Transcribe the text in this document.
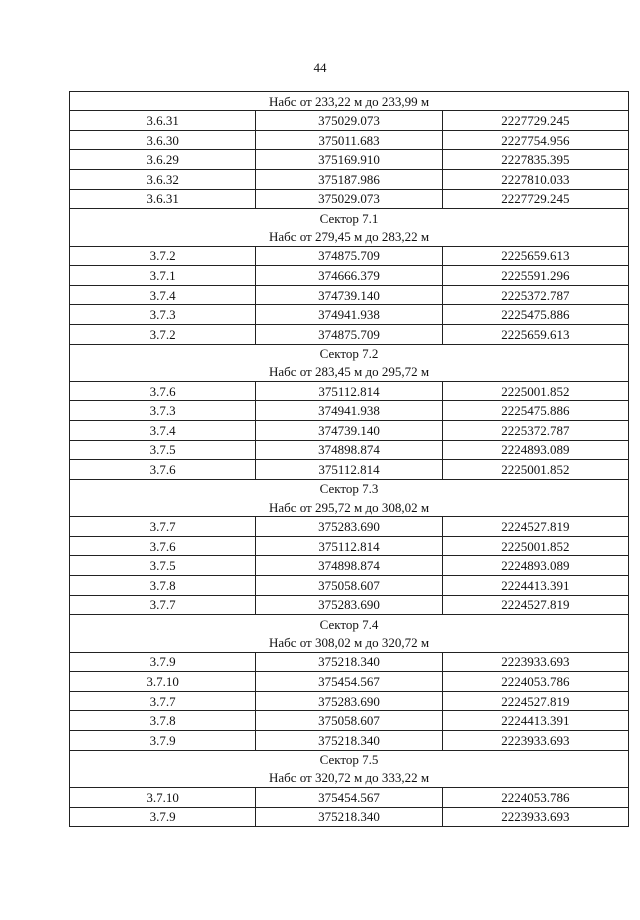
44
Набс от 233,22 м до 233,99 м		
3.6.31	375029.073	2227729.245
3.6.30	375011.683	2227754.956
3.6.29	375169.910	2227835.395
3.6.32	375187.986	2227810.033
3.6.31	375029.073	2227729.245
Сектор 7.1		
Набс от 279,45 м до 283,22 м		
3.7.2	374875.709	2225659.613
3.7.1	374666.379	2225591.296
3.7.4	374739.140	2225372.787
3.7.3	374941.938	2225475.886
3.7.2	374875.709	2225659.613
Сектор 7.2		
Набс от 283,45 м до 295,72 м		
3.7.6	375112.814	2225001.852
3.7.3	374941.938	2225475.886
3.7.4	374739.140	2225372.787
3.7.5	374898.874	2224893.089
3.7.6	375112.814	2225001.852
Сектор 7.3		
Набс от 295,72 м до 308,02 м		
3.7.7	375283.690	2224527.819
3.7.6	375112.814	2225001.852
3.7.5	374898.874	2224893.089
3.7.8	375058.607	2224413.391
3.7.7	375283.690	2224527.819
Сектор 7.4		
Набс от 308,02 м до 320,72 м		
3.7.9	375218.340	2223933.693
3.7.10	375454.567	2224053.786
3.7.7	375283.690	2224527.819
3.7.8	375058.607	2224413.391
3.7.9	375218.340	2223933.693
Сектор 7.5		
Набс от 320,72 м до 333,22 м		
3.7.10	375454.567	2224053.786
3.7.9	375218.340	2223933.693
